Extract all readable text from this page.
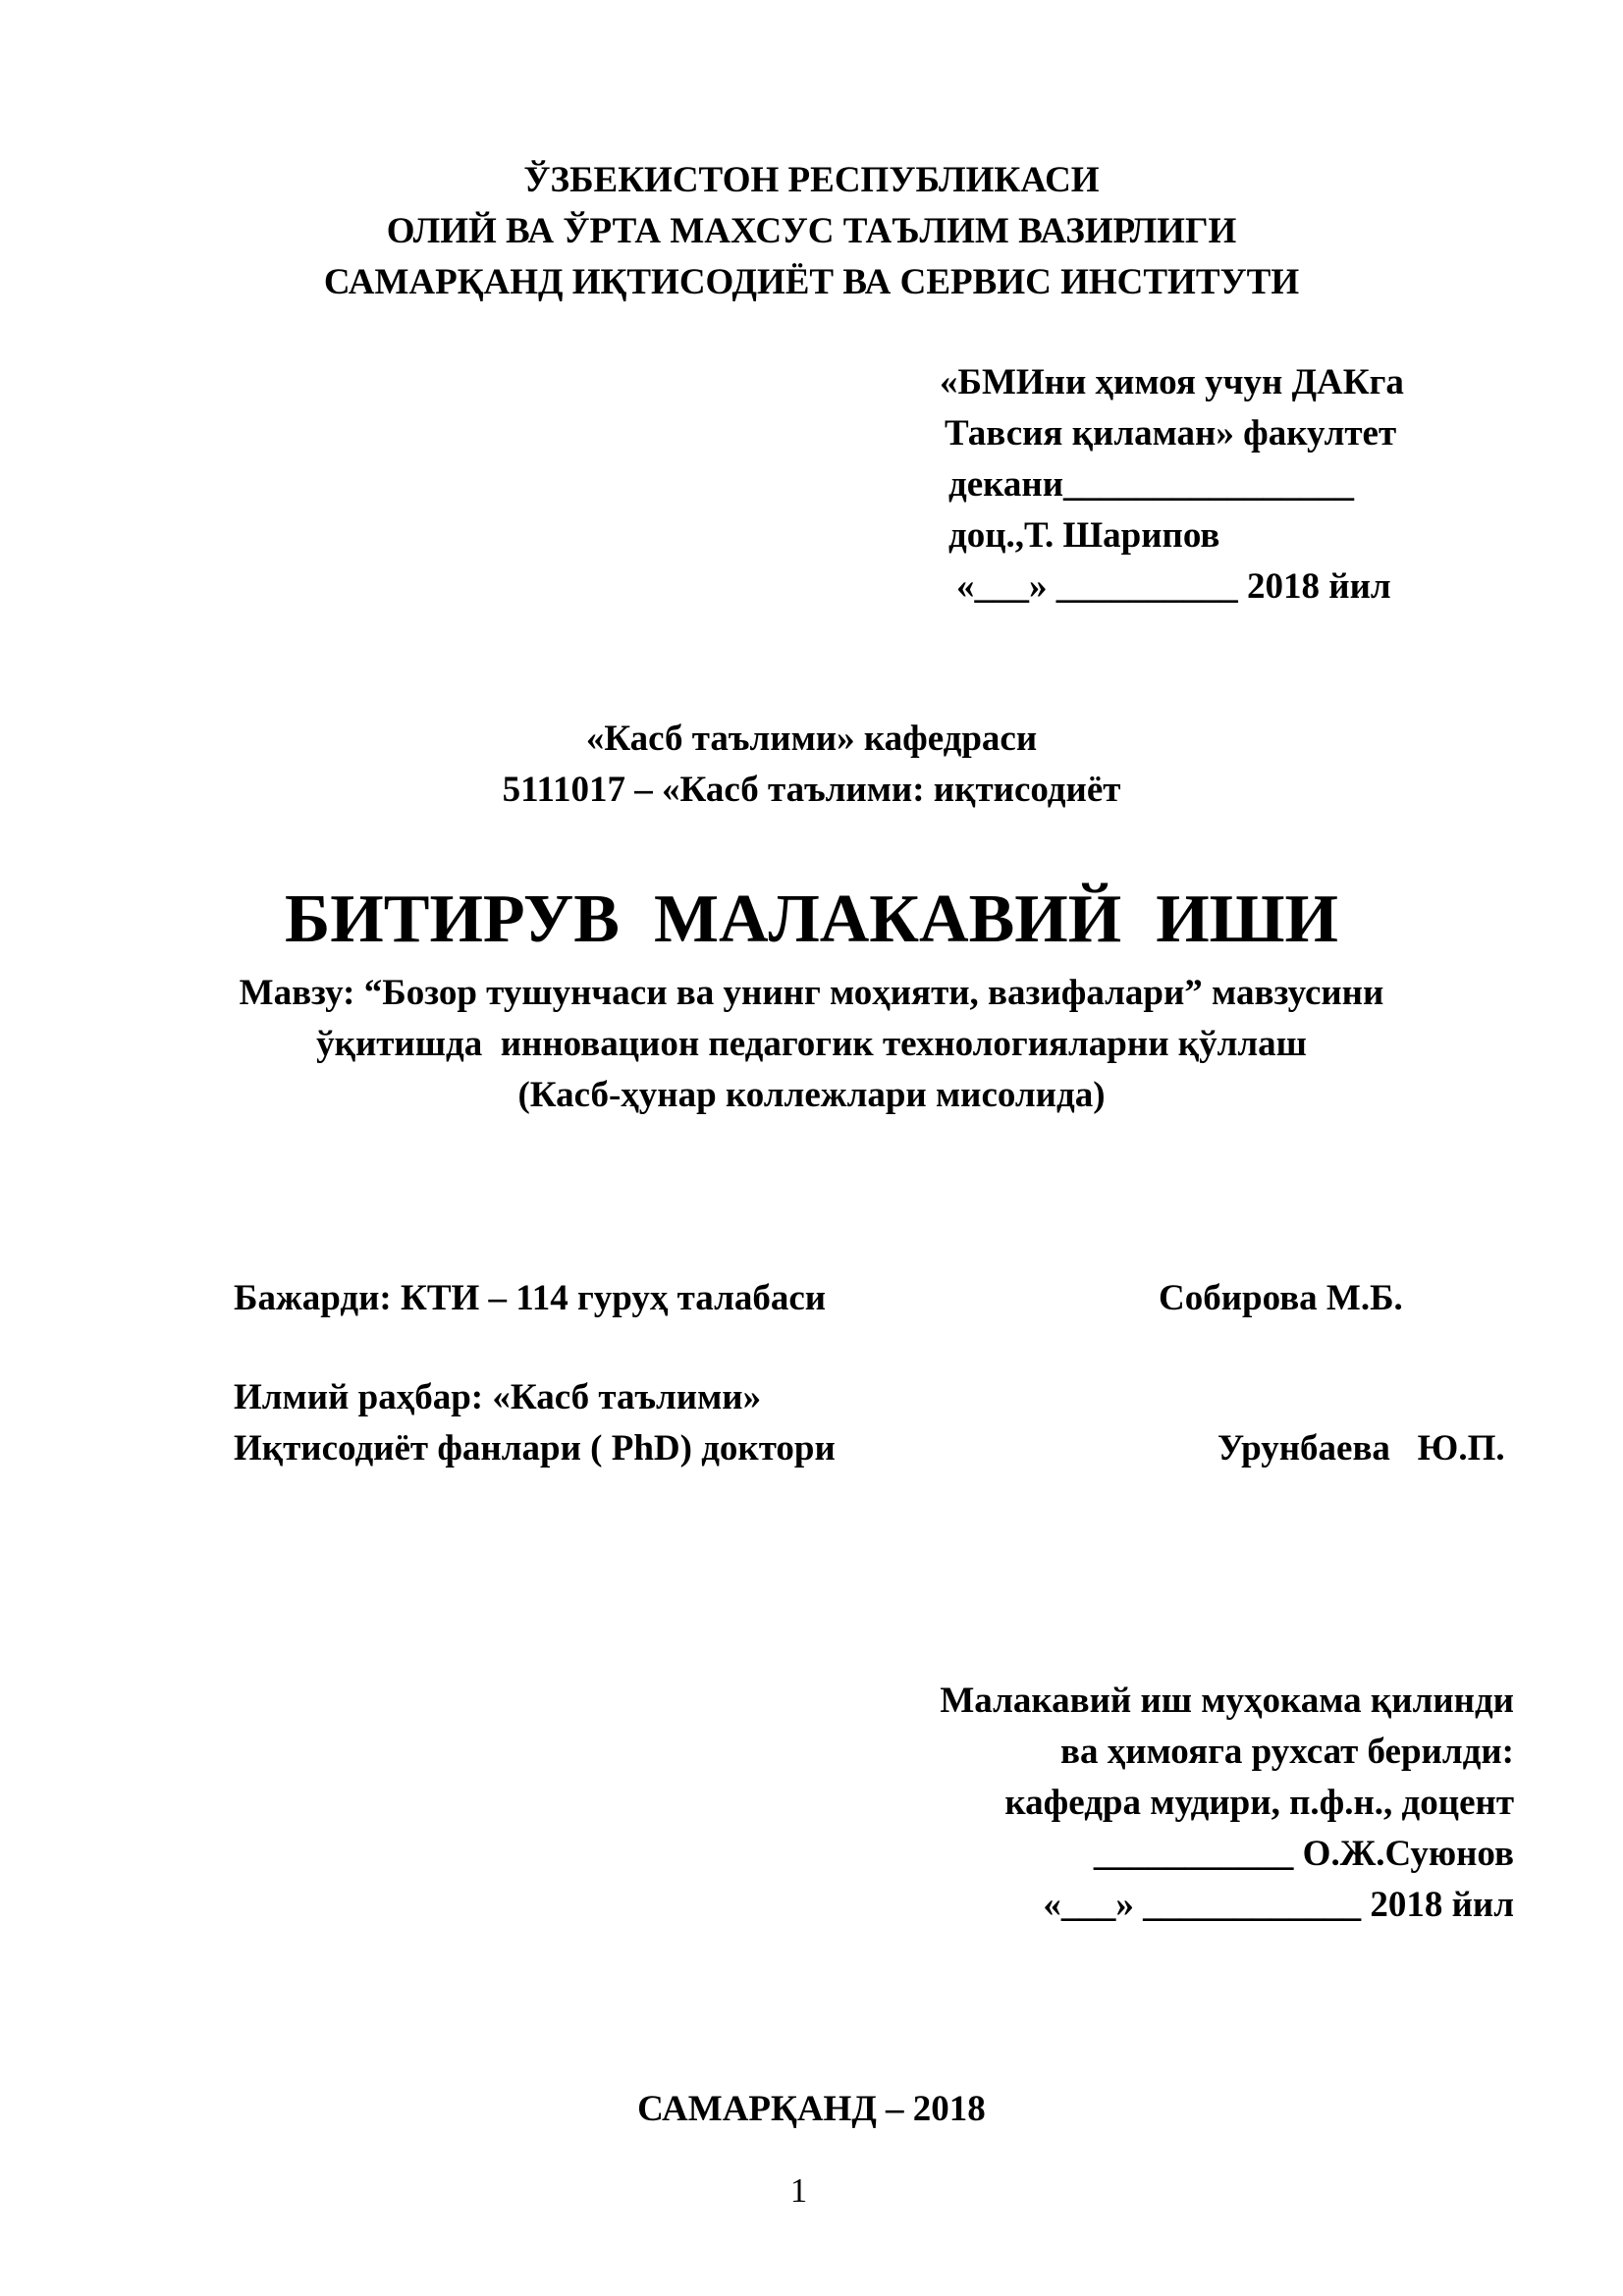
ЎЗБЕКИСТОН РЕСПУБЛИКАСИ
ОЛИЙ ВА ЎРТА МАХСУС ТАЪЛИМ ВАЗИРЛИГИ
САМАРҚАНД ИҚТИСОДИЁТ ВА СЕРВИС ИНСТИТУТИ
«БМИни ҳимоя учун ДАКга
Тавсия қиламан» факултет
декани________________
доц.,Т. Шарипов
«___» __________ 2018 йил
«Касб таълими» кафедраси
5111017 – «Касб таълими: иқтисодиёт
БИТИРУВ  МАЛАКАВИЙ  ИШИ
Мавзу: “Бозор тушунчаси ва унинг моҳияти, вазифалари” мавзусини
ўқитишда  инновацион педагогик технологияларни қўллаш
(Касб-ҳунар коллежлари мисолида)
Бажарди: КТИ – 114 гуруҳ талабаси	Собирова М.Б.
Илмий раҳбар: «Касб таълими»
Иқтисодиёт фанлари ( PhD) доктори	Урунбаева   Ю.П.
Малакавий иш муҳокама қилинди
ва ҳимояга рухсат берилди:
кафедра мудири, п.ф.н., доцент
___________ О.Ж.Суюнов
«___» ____________ 2018 йил
САМАРҚАНД – 2018
1
